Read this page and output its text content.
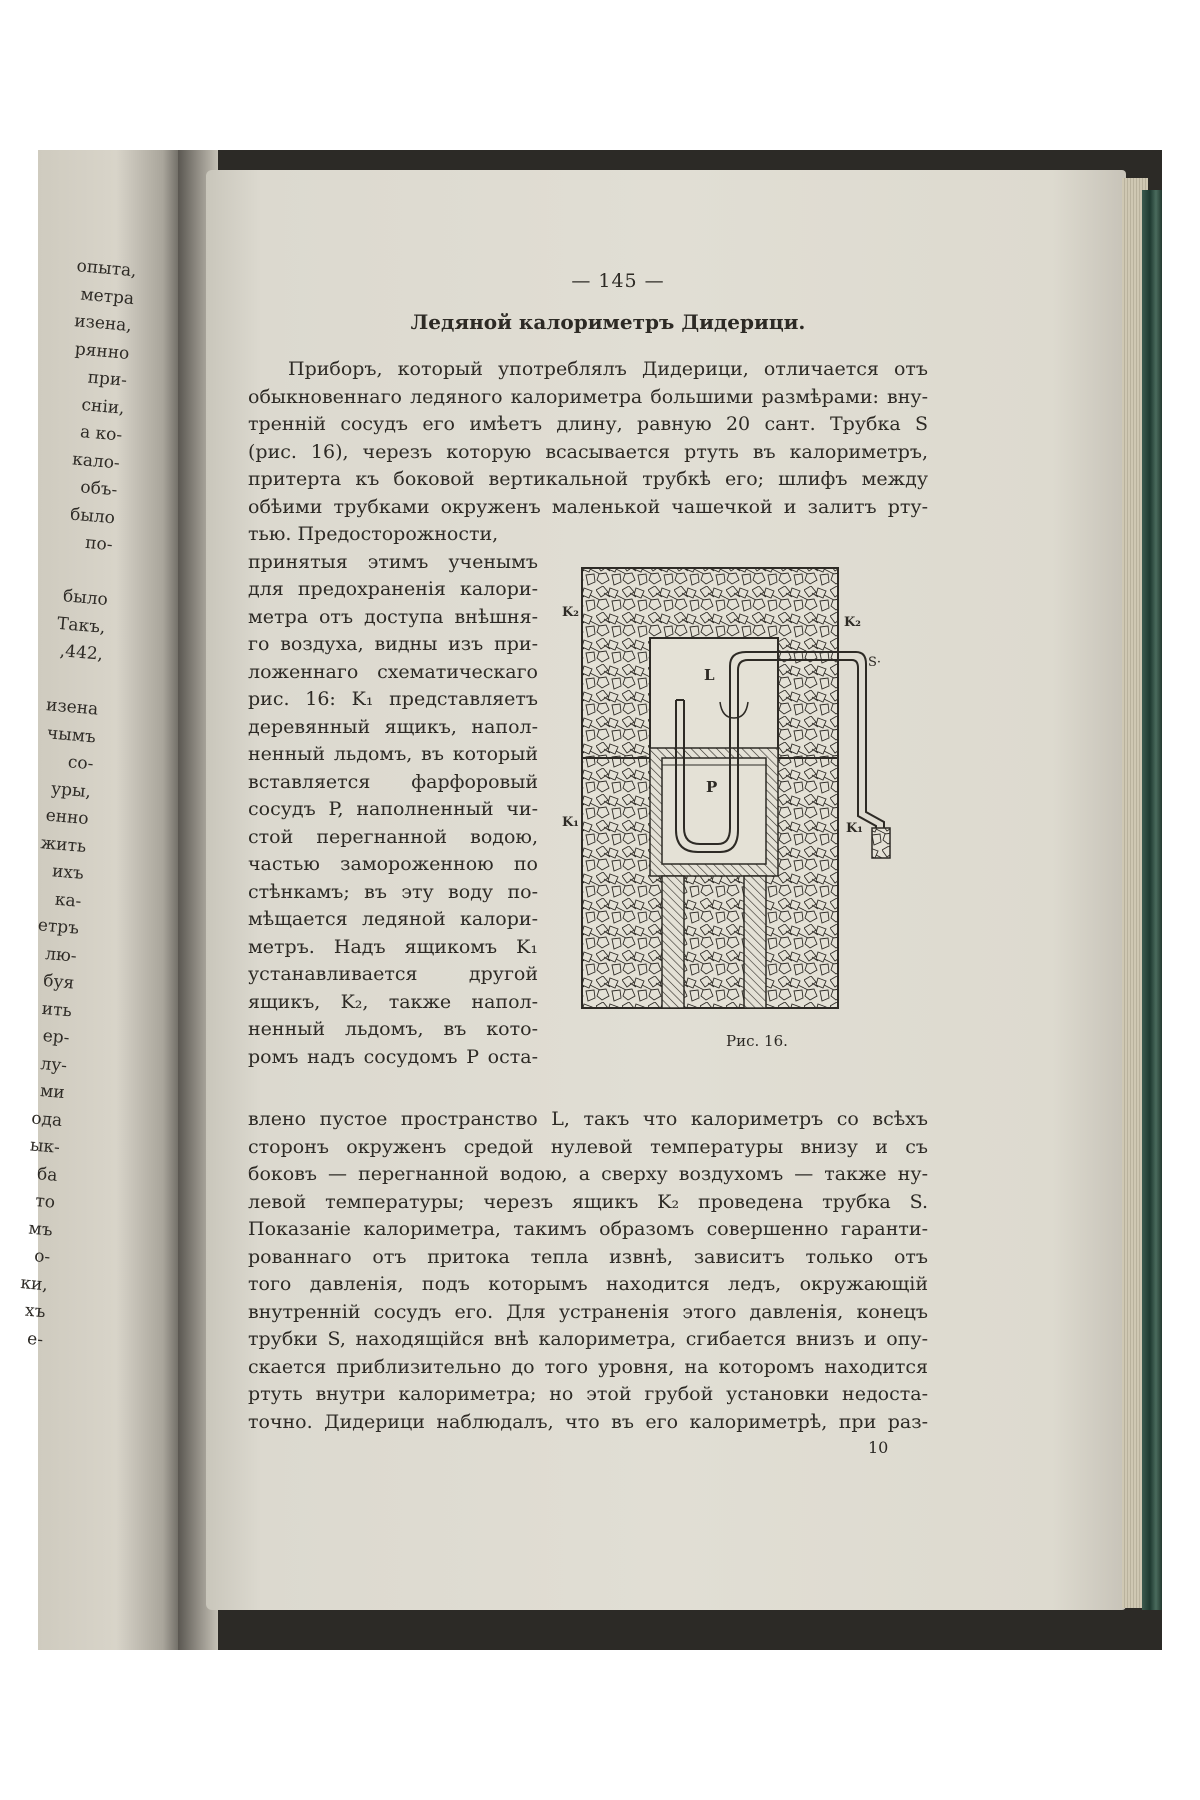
опыта,
метра
изена,
рянно
при-
снiи,
а ко-
кало-
объ-
было
по-
было
Такъ,
,442,
изена
чымъ
со-
уры,
енно
жить
ихъ
ка-
етръ
лю-
буя
ить
ер-
лу-
ми
ода
ык-
ба
то
мъ
о-
ки,
хъ
е-
— 145 —
Ледяной калориметръ Дидерици.
Приборъ, который употреблялъ Дидерици, отличается отъ
обыкновеннаго ледяного калориметра большими размѣрами: вну-
тренній сосудъ его имѣетъ длину, равную 20 сант. Трубка S
(рис. 16), черезъ которую всасывается ртуть въ калориметръ,
притерта къ боковой вертикальной трубкѣ его; шлифъ между
обѣими трубками окруженъ маленькой чашечкой и залитъ рту-
тью. Предосторожности,
принятыя этимъ ученымъ
для предохраненія калори-
метра отъ доступа внѣшня-
го воздуха, видны изъ при-
ложеннаго схематическаго
рис. 16: K₁ представляетъ
деревянный ящикъ, напол-
ненный льдомъ, въ который
вставляется фарфоровый
сосудъ P, наполненный чи-
стой перегнанной водою,
частью замороженною по
стѣнкамъ; въ эту воду по-
мѣщается ледяной калори-
метръ. Надъ ящикомъ K₁
устанавливается другой
ящикъ, K₂, также напол-
ненный льдомъ, въ кото-
ромъ надъ сосудомъ P оста-
K₂
K₂
S·
L
P
K₁	K₁
Рис. 16.
влено пустое пространство L, такъ что калориметръ со всѣхъ
сторонъ окруженъ средой нулевой температуры внизу и съ
боковъ — перегнанной водою, а сверху воздухомъ — также ну-
левой температуры; черезъ ящикъ K₂ проведена трубка S.
Показаніе калориметра, такимъ образомъ совершенно гаранти-
рованнаго отъ притока тепла извнѣ, зависитъ только отъ
того давленія, подъ которымъ находится ледъ, окружающій
внутренній сосудъ его. Для устраненія этого давленія, конецъ
трубки S, находящійся внѣ калориметра, сгибается внизъ и опу-
скается приблизительно до того уровня, на которомъ находится
ртуть внутри калориметра; но этой грубой установки недоста-
точно. Дидерици наблюдалъ, что въ его калориметрѣ, при раз-
10
